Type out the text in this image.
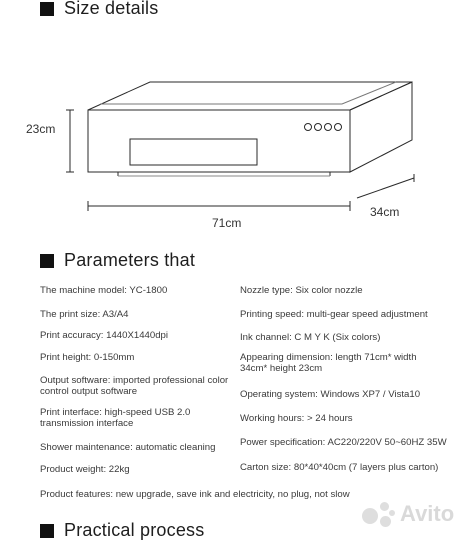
Size details
23cm
71cm
34cm
Parameters that
The machine model: YC-1800
The print size: A3/A4
Print accuracy: 1440X1440dpi
Print height: 0-150mm
Output software: imported professional color control output software
Print interface: high-speed USB 2.0 transmission interface
Shower maintenance: automatic cleaning
Product weight: 22kg
Nozzle type: Six color nozzle
Printing speed: multi-gear speed adjustment
Ink channel: C M Y K (Six colors)
Appearing dimension: length 71cm* width 34cm* height 23cm
Operating system: Windows XP7 / Vista10
Working hours: > 24 hours
Power specification: AC220/220V 50~60HZ 35W
Carton size: 80*40*40cm (7 layers plus carton)
Product features: new upgrade, save ink and electricity, no plug, not slow
Practical process
Avito
